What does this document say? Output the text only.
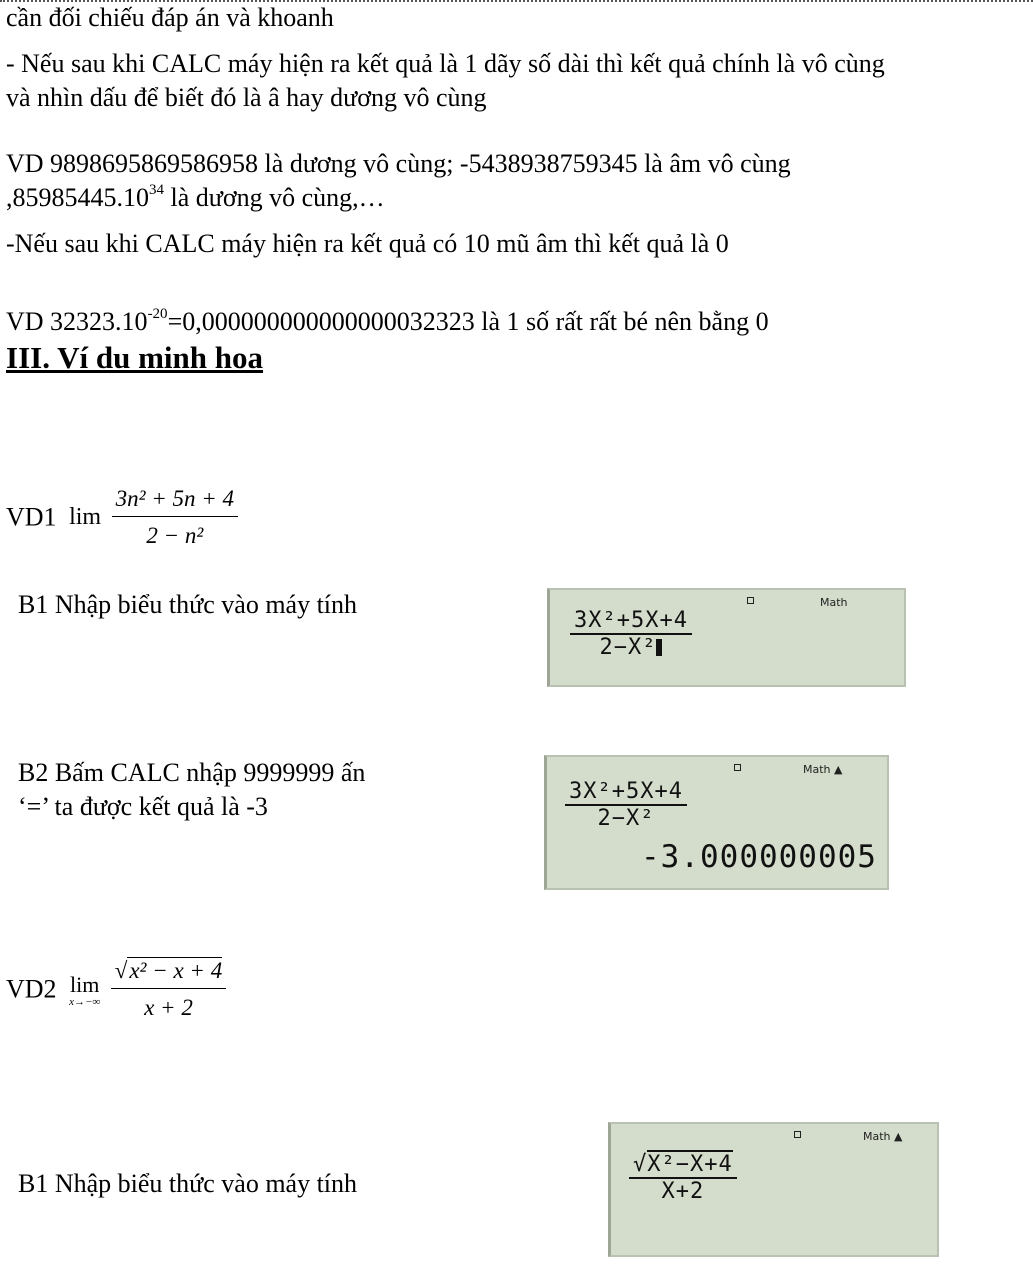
cần đối chiếu đáp án và khoanh
- Nếu sau khi CALC máy hiện ra kết quả là 1 dãy số dài thì kết quả chính là vô cùng
và nhìn dấu để biết đó là â hay dương vô cùng
VD 9898695869586958 là dương vô cùng; -5438938759345 là âm vô cùng
,85985445.10$^{34}$ là dương vô cùng,…
-Nếu sau khi CALC máy hiện ra kết quả có 10 mũ âm thì kết quả là 0
VD $32323.10^{-20}=0,000000000000000032323$ là 1 số rất rất bé nên bằng 0
III. Ví du minh hoa
VD1 $\lim \frac{\text{3n² + 5n + 4}}{\text{2 − n²}}$
B1 Nhập biểu thức vào máy tính	Math
$\frac{\text{3X²+5X+4}}{\text{2−X²}}$
B2 Bấm CALC nhập 9999999 ấn
‘=’ ta được kết quả là -3
Math ▲
$\frac{\text{3X²+5X+4}}{\text{2−X²}}$
-3.000000005
VD2 lim
x→−∞
$\frac{\text{√x² − x + 4}}{x + 2}$
B1 Nhập biểu thức vào máy tính
Math ▲
$\frac{\text{√X²−X+4}}{X+2}$
